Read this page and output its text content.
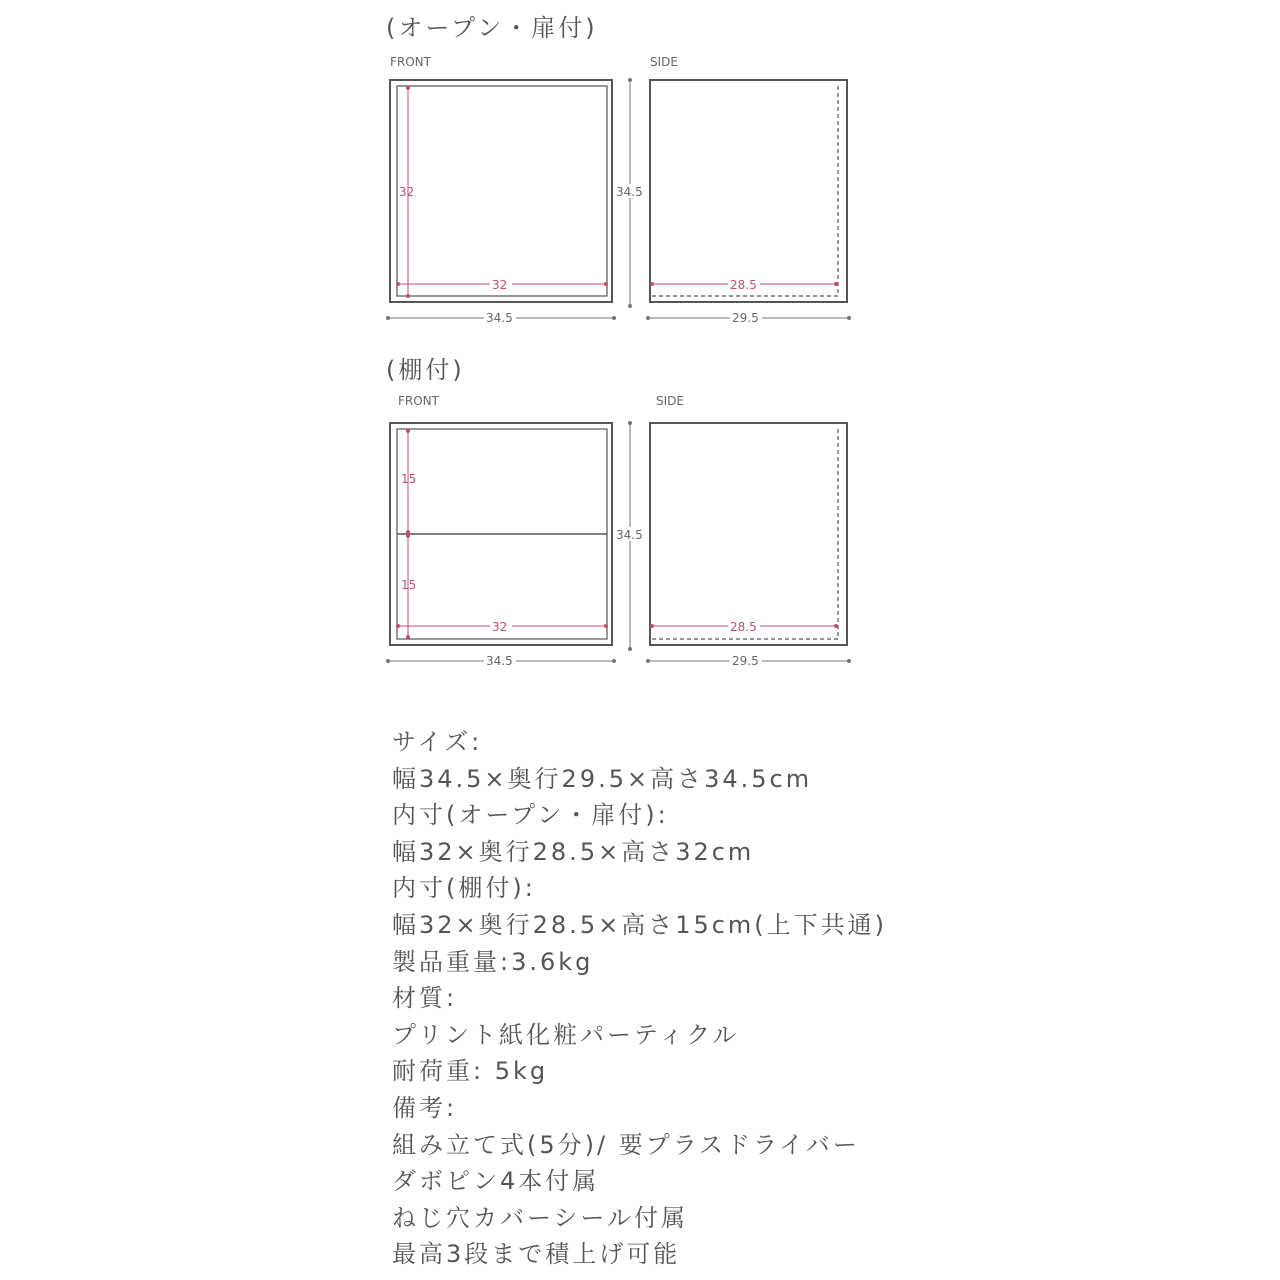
(オープン・扉付)
(棚付)
FRONT
32
32
34.5
SIDE
34.5
28.5
29.5
FRONT
15
15
32
34.5
SIDE
34.5
28.5
29.5
サイズ:
幅34.5×奥行29.5×高さ34.5cm
内寸(オープン・扉付):
幅32×奥行28.5×高さ32cm
内寸(棚付):
幅32×奥行28.5×高さ15cm(上下共通)
製品重量:3.6kg
材質:
プリント紙化粧パーティクル
耐荷重: 5kg
備考:
組み立て式(5分)/ 要プラスドライバー
ダボピン4本付属
ねじ穴カバーシール付属
最高3段まで積上げ可能
